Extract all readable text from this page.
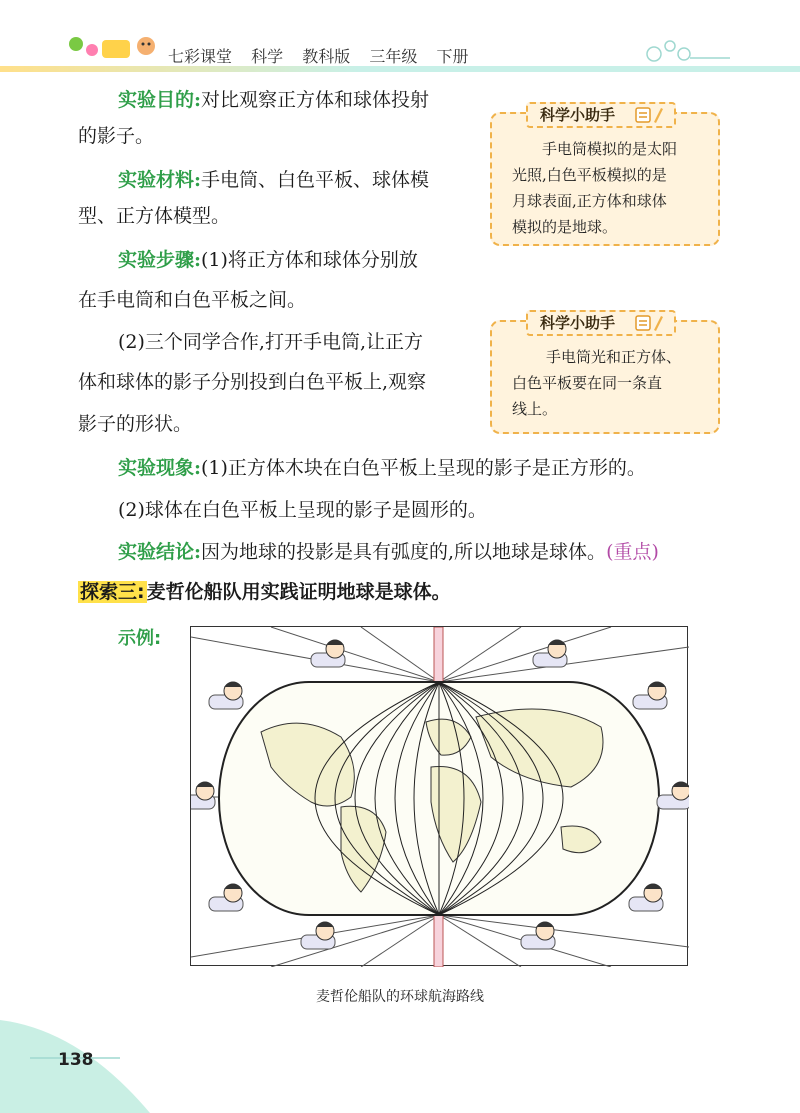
七彩课堂 科学 教科版 三年级 下册
实验目的:对比观察正方体和球体投射
的影子。
实验材料:手电筒、白色平板、球体模
型、正方体模型。
实验步骤:(1)将正方体和球体分别放
在手电筒和白色平板之间。
(2)三个同学合作,打开手电筒,让正方
体和球体的影子分别投到白色平板上,观察
影子的形状。
科学小助手
手电筒模拟的是太阳
光照,白色平板模拟的是
月球表面,正方体和球体
模拟的是地球。
科学小助手
手电筒光和正方体、
白色平板要在同一条直
线上。
实验现象:(1)正方体木块在白色平板上呈现的影子是正方形的。
(2)球体在白色平板上呈现的影子是圆形的。
实验结论:因为地球的投影是具有弧度的,所以地球是球体。(重点)
探索三: 麦哲伦船队用实践证明地球是球体。
示例:
麦哲伦船队的环球航海路线
138
